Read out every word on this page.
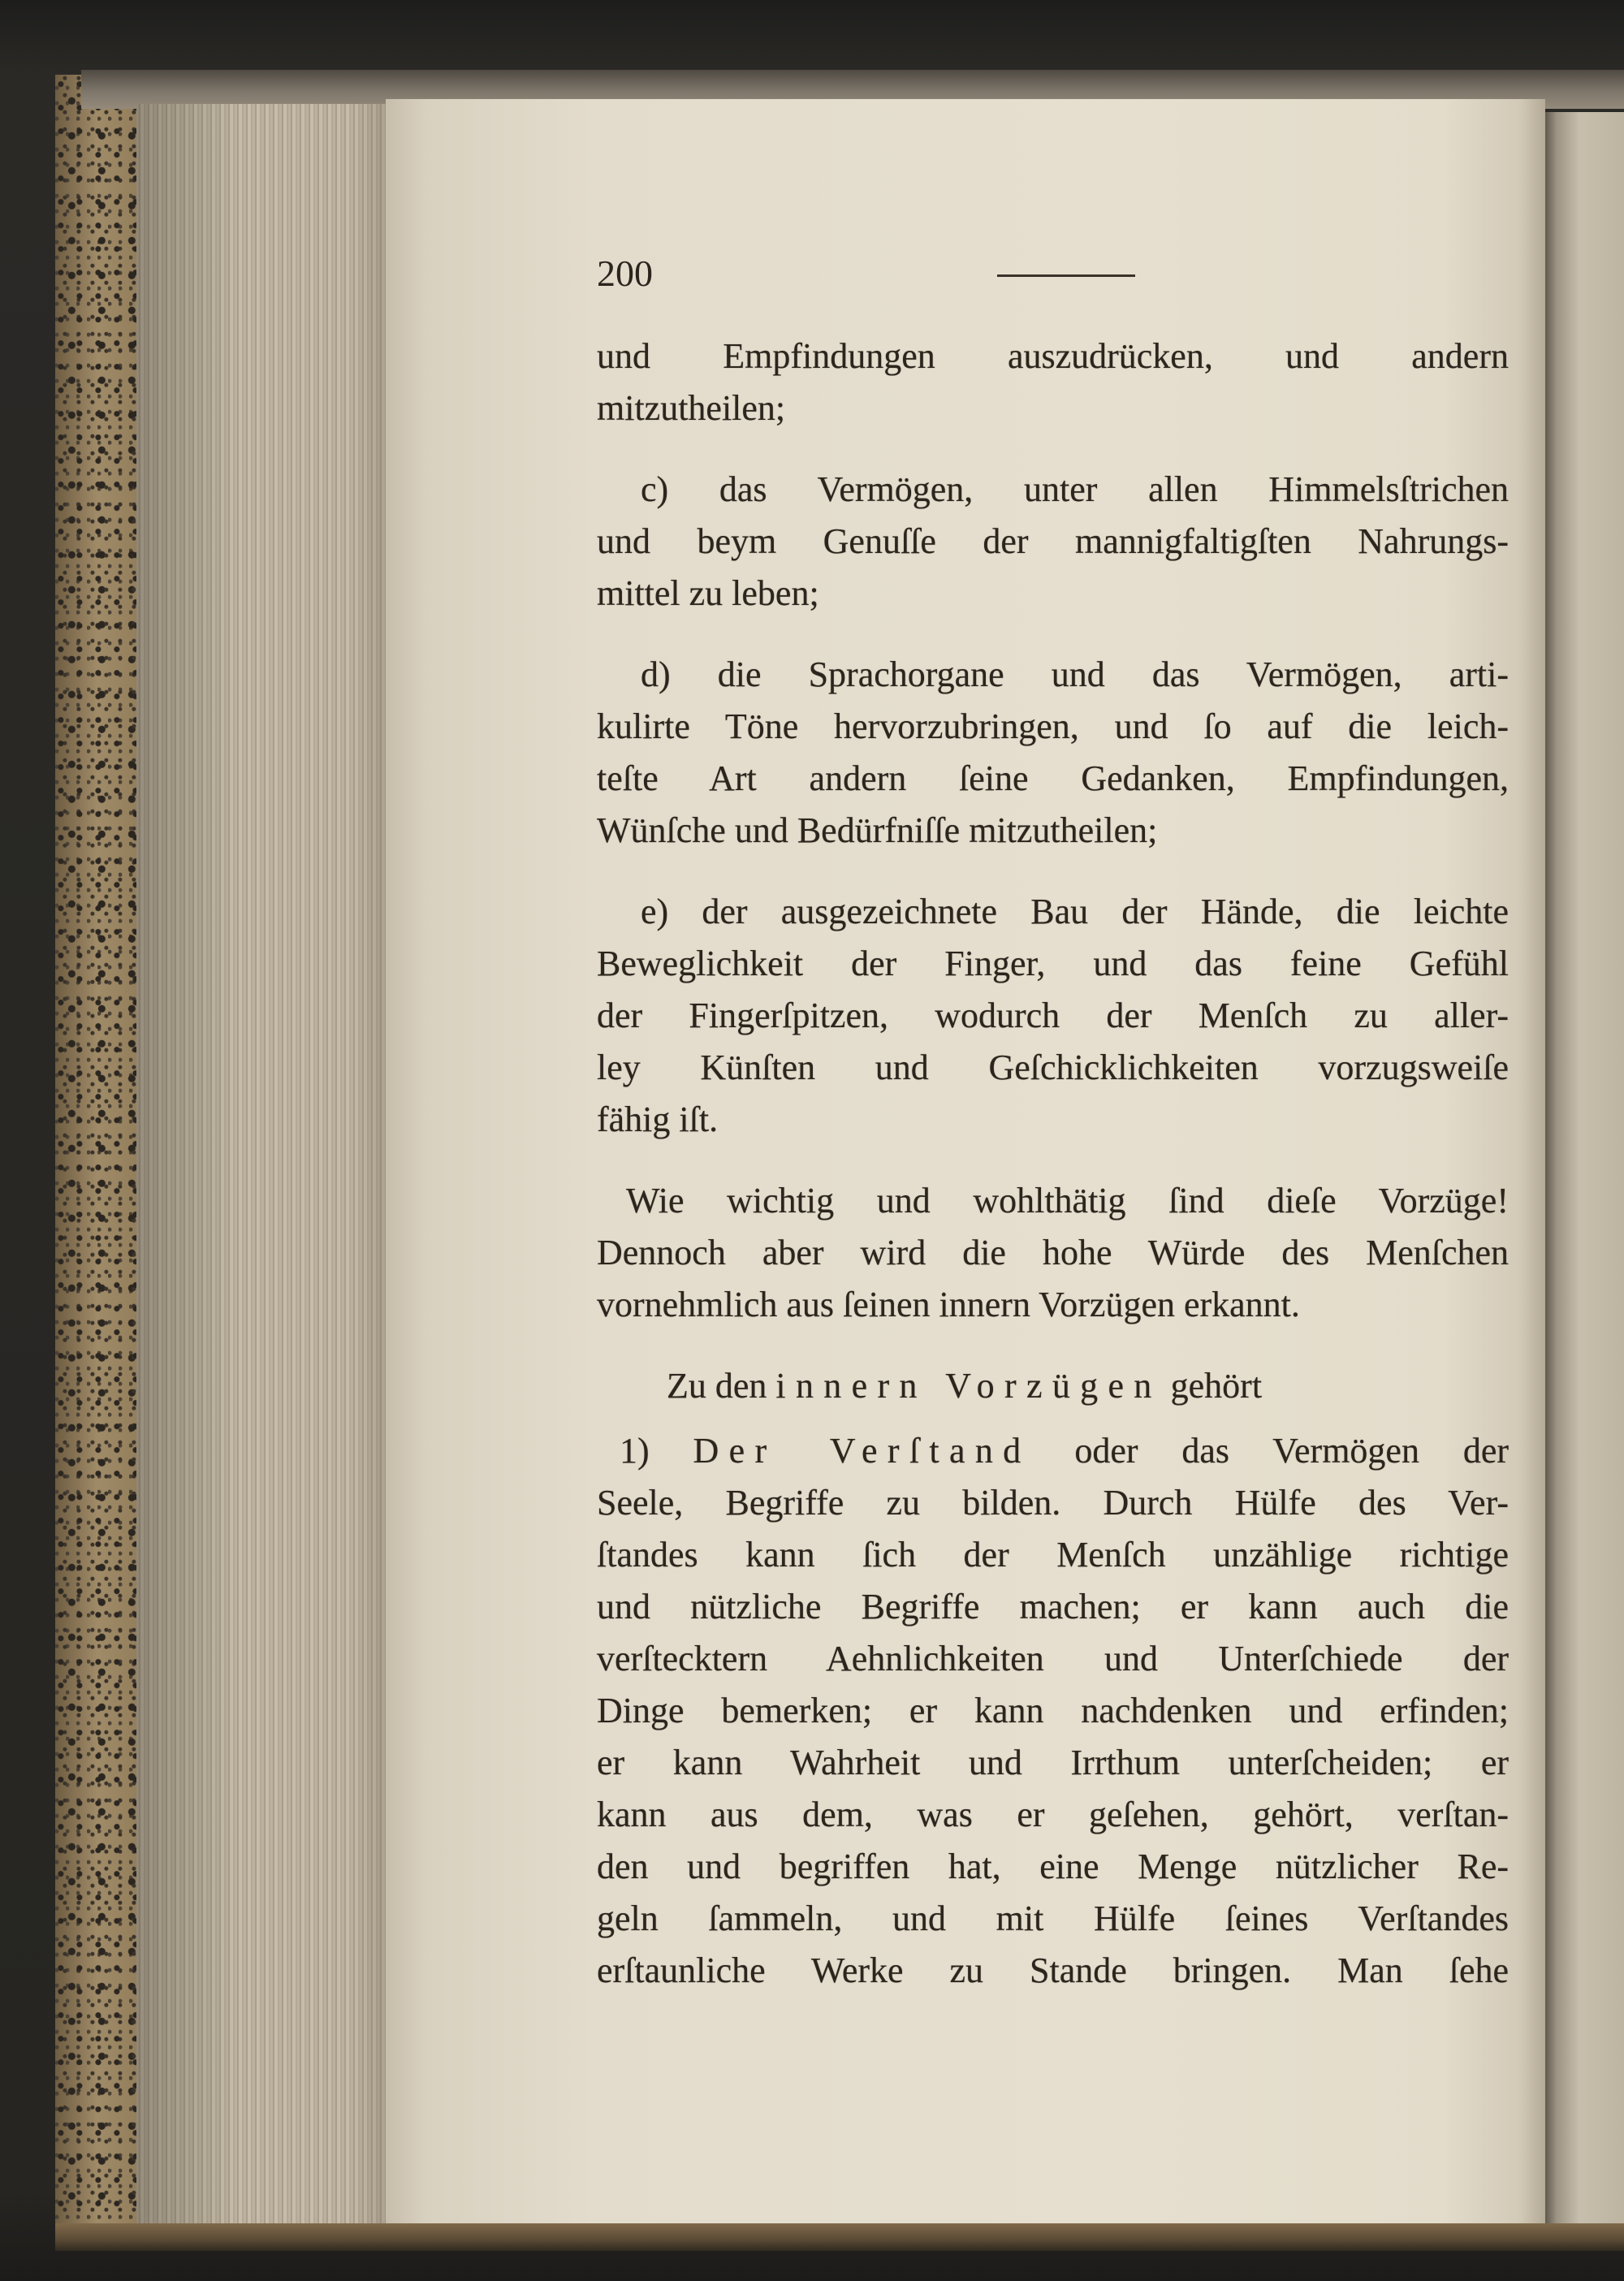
200
und Empfindungen auszudrücken, und andern
mitzutheilen;
c) das Vermögen, unter allen Himmelsſtrichen
und beym Genuſſe der mannigfaltigſten Nahrungs-
mittel zu leben;
d) die Sprachorgane und das Vermögen, arti-
kulirte Töne hervorzubringen, und ſo auf die leich-
teſte Art andern ſeine Gedanken, Empfindungen,
Wünſche und Bedürfniſſe mitzutheilen;
e) der ausgezeichnete Bau der Hände, die leichte
Beweglichkeit der Finger, und das feine Gefühl
der Fingerſpitzen, wodurch der Menſch zu aller-
ley Künſten und Geſchicklichkeiten vorzugsweiſe
fähig iſt.
Wie wichtig und wohlthätig ſind dieſe Vorzüge!
Dennoch aber wird die hohe Würde des Menſchen
vornehmlich aus ſeinen innern Vorzügen erkannt.
Zu den innern Vorzügen gehört
1) Der Verſtand oder das Vermögen der
Seele, Begriffe zu bilden. Durch Hülfe des Ver-
ſtandes kann ſich der Menſch unzählige richtige
und nützliche Begriffe machen; er kann auch die
verſtecktern Aehnlichkeiten und Unterſchiede der
Dinge bemerken; er kann nachdenken und erfinden;
er kann Wahrheit und Irrthum unterſcheiden; er
kann aus dem, was er geſehen, gehört, verſtan-
den und begriffen hat, eine Menge nützlicher Re-
geln ſammeln, und mit Hülfe ſeines Verſtandes
erſtaunliche Werke zu Stande bringen. Man ſehe
